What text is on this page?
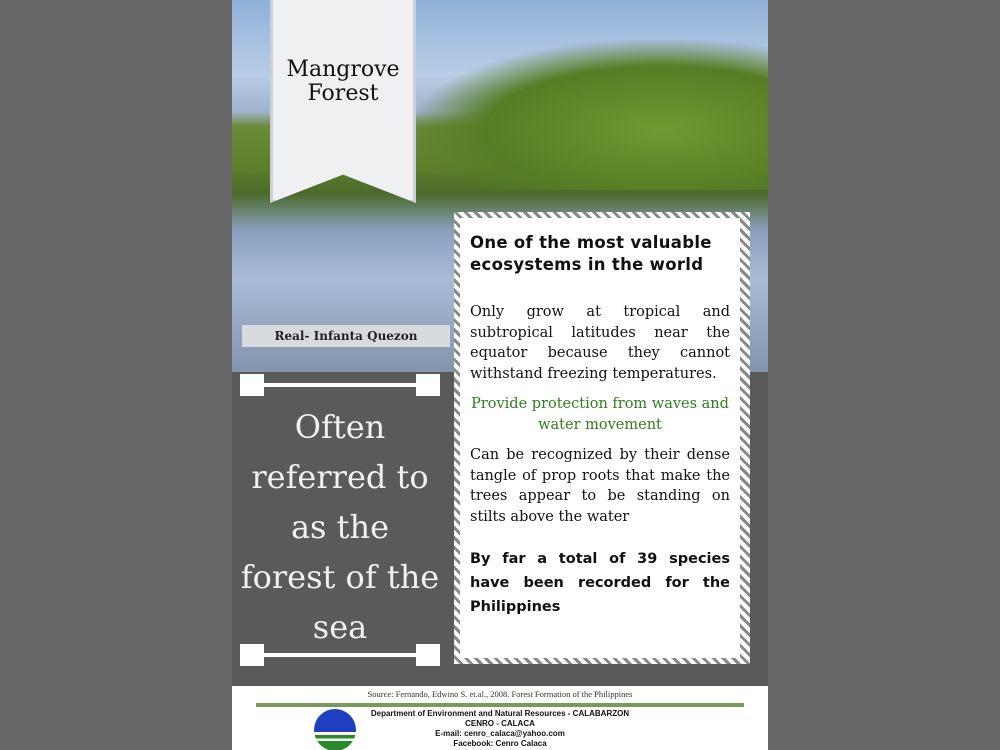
Mangrove
Forest
Real- Infanta Quezon
Often referred to as the forest of the sea
One of the most valuable ecosystems in the world

Only grow at tropical and subtropical latitudes near the equator because they cannot withstand freezing temperatures.

Provide protection from waves and water movement

Can be recognized by their dense tangle of prop roots that make the trees appear to be standing on stilts above the water

By far a total of 39 species have been recorded for the Philippines

Source: Fernando, Edwino S. et.al., 2008. Forest Formation of the Philippines
Department of Environment and Natural Resources - CALABARZON
CENRO - CALACA
E-mail: cenro_calaca@yahoo.com
Facebook: Cenro Calaca
